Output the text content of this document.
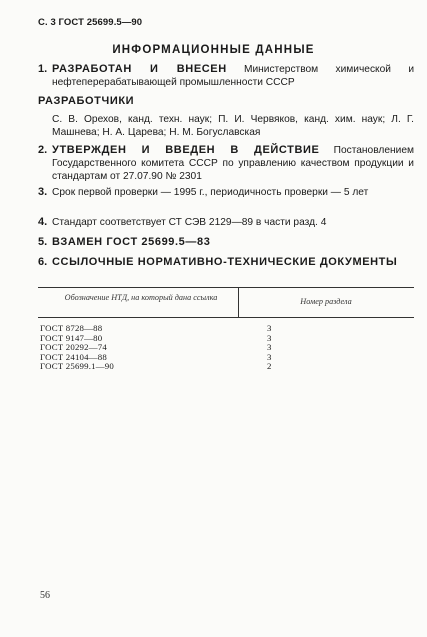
С. 3 ГОСТ 25699.5—90
ИНФОРМАЦИОННЫЕ ДАННЫЕ
1. РАЗРАБОТАН И ВНЕСЕН Министерством химической и нефтеперерабатывающей промышленности СССР
РАЗРАБОТЧИКИ
С. В. Орехов, канд. техн. наук; П. И. Червяков, канд. хим. наук; Л. Г. Машнева; Н. А. Царева; Н. М. Богуславская
2. УТВЕРЖДЕН И ВВЕДЕН В ДЕЙСТВИЕ Постановлением Государственного комитета СССР по управлению качеством продукции и стандартам от 27.07.90 № 2301
3. Срок первой проверки — 1995 г., периодичность проверки — 5 лет
4. Стандарт соответствует СТ СЭВ 2129—89 в части разд. 4
5. ВЗАМЕН ГОСТ 25699.5—83
6. ССЫЛОЧНЫЕ НОРМАТИВНО-ТЕХНИЧЕСКИЕ ДОКУМЕНТЫ
Обозначение НТД, на который дана ссылка	Номер раздела
ГОСТ 8728—88	3
ГОСТ 9147—80	3
ГОСТ 20292—74	3
ГОСТ 24104—88	3
ГОСТ 25699.1—90	2
56
